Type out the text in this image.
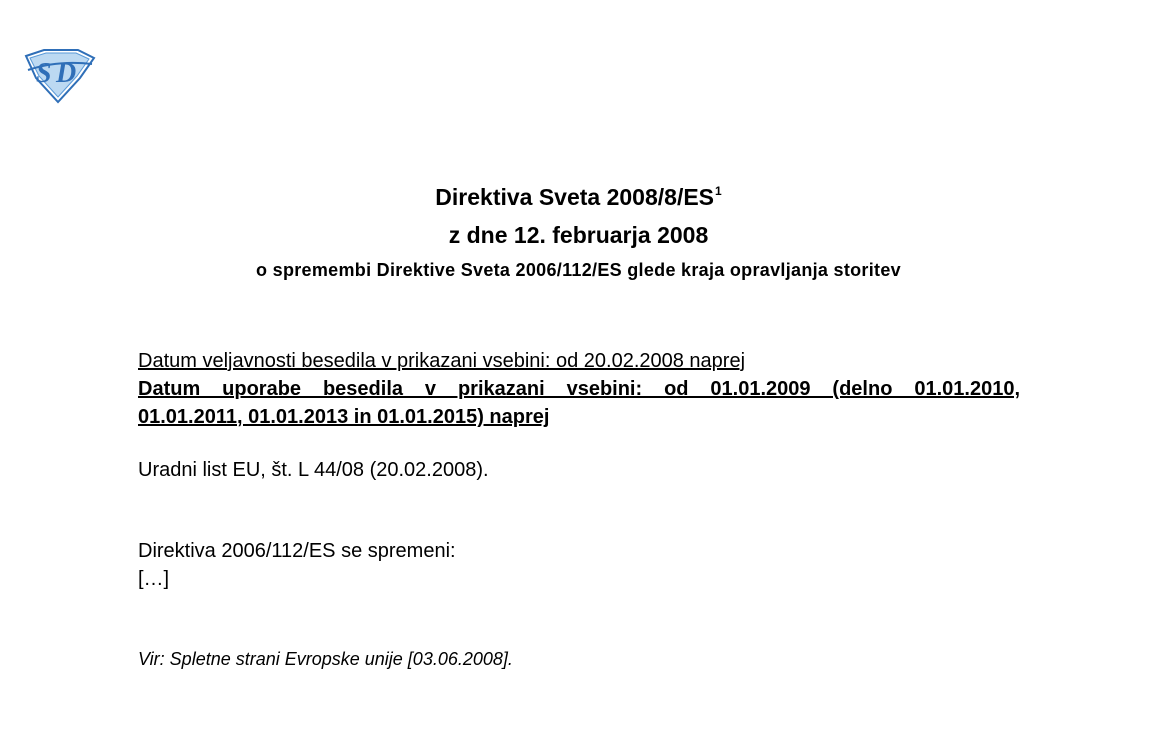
S D

Direktiva Sveta $2008/8/ES^1$

z dne 12. februarja 2008

o spremembi Direktive Sveta 2006/112/ES glede kraja opravljanja storitev

Datum veljavnosti besedila v prikazani vsebini: od 20.02.2008 naprej
Datum uporabe besedila v prikazani vsebini: od 01.01.2009 (delno 01.01.2010,
01.01.2011, 01.01.2013 in 01.01.2015) naprej
Uradni list EU, št. L 44/08 (20.02.2008).
Direktiva 2006/112/ES se spremeni:
[…]
Vir: Spletne strani Evropske unije [03.06.2008].
